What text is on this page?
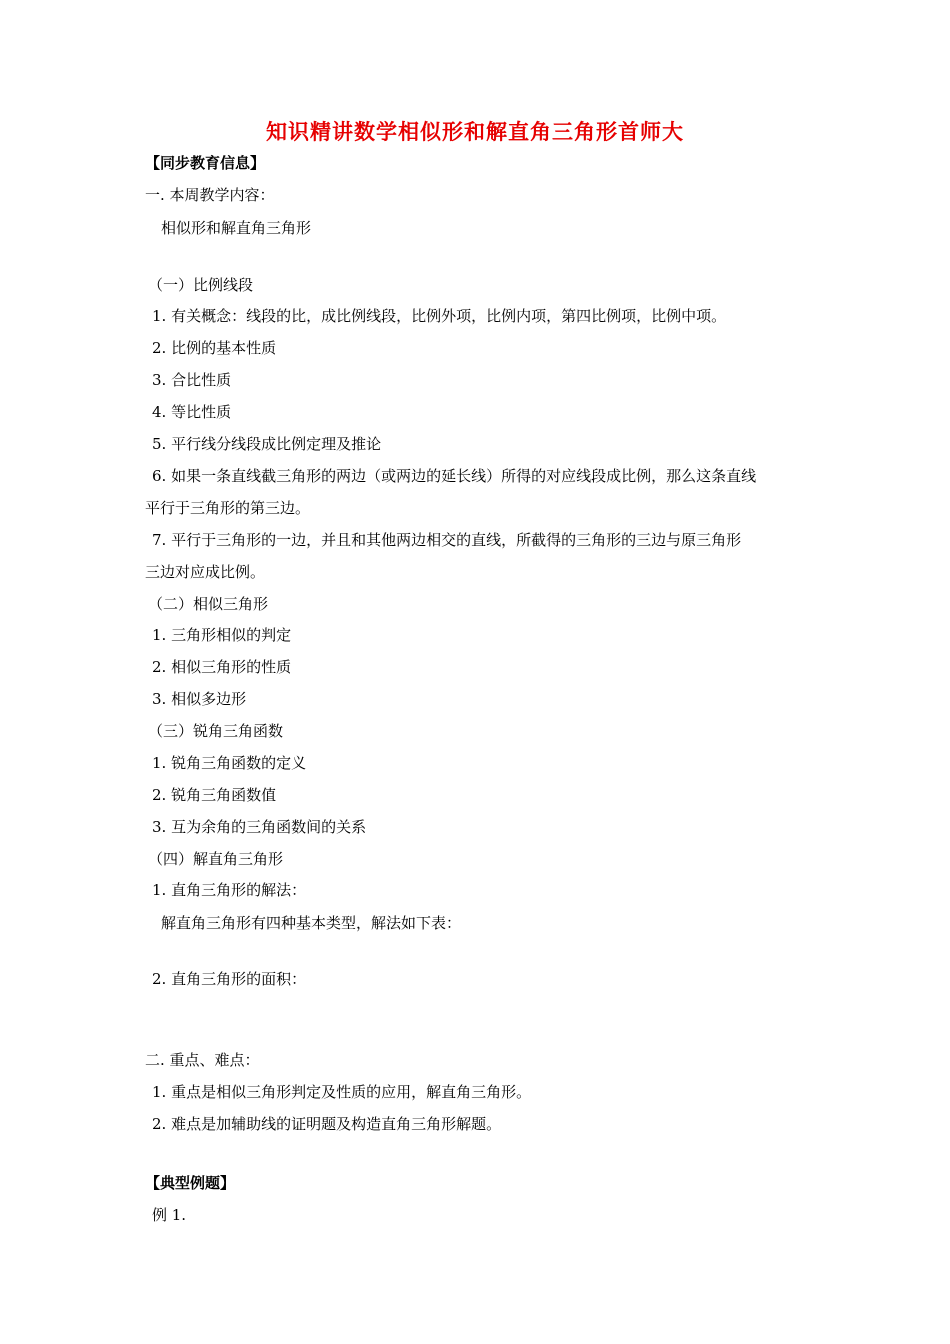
知识精讲数学相似形和解直角三角形首师大
【同步教育信息】
一. 本周教学内容：
相似形和解直角三角形
（一）比例线段
1. 有关概念：线段的比，成比例线段，比例外项，比例内项，第四比例项，比例中项。
2. 比例的基本性质
3. 合比性质
4. 等比性质
5. 平行线分线段成比例定理及推论
6. 如果一条直线截三角形的两边（或两边的延长线）所得的对应线段成比例，那么这条直线
平行于三角形的第三边。
7. 平行于三角形的一边，并且和其他两边相交的直线，所截得的三角形的三边与原三角形
三边对应成比例。
（二）相似三角形
1. 三角形相似的判定
2. 相似三角形的性质
3. 相似多边形
（三）锐角三角函数
1. 锐角三角函数的定义
2. 锐角三角函数值
3. 互为余角的三角函数间的关系
（四）解直角三角形
1. 直角三角形的解法：
解直角三角形有四种基本类型，解法如下表：
2. 直角三角形的面积：
二. 重点、难点：
1. 重点是相似三角形判定及性质的应用，解直角三角形。
2. 难点是加辅助线的证明题及构造直角三角形解题。
【典型例题】
例 1.
